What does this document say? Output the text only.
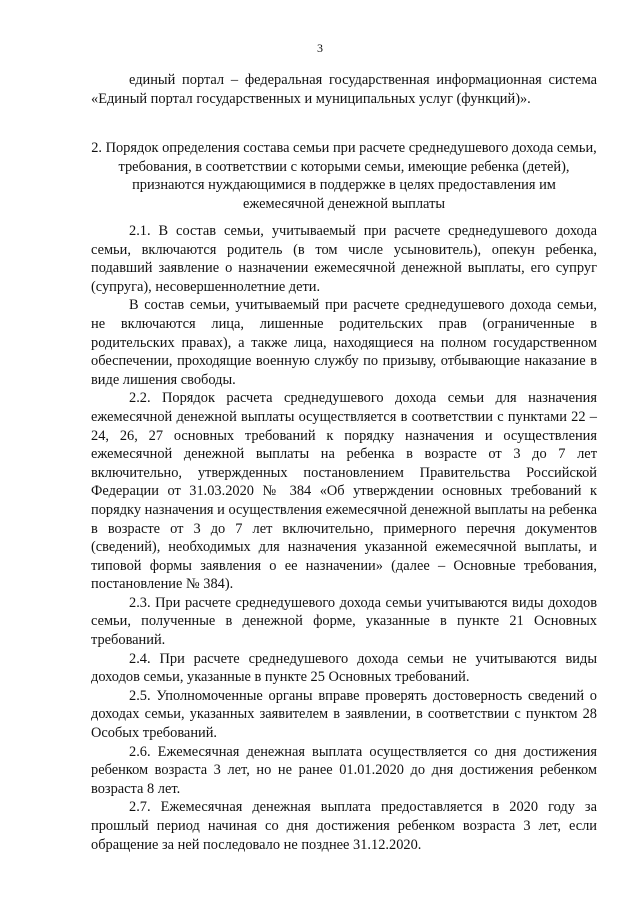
3

единый портал – федеральная государственная информационная система «Единый портал государственных и муниципальных услуг (функций)».

2. Порядок определения состава семьи при расчете среднедушевого дохода семьи, требования, в соответствии с которыми семьи, имеющие ребенка (детей), признаются нуждающимися в поддержке в целях предоставления им ежемесячной денежной выплаты

2.1. В состав семьи, учитываемый при расчете среднедушевого дохода семьи, включаются родитель (в том числе усыновитель), опекун ребенка, подавший заявление о назначении ежемесячной денежной выплаты, его супруг (супруга), несовершеннолетние дети.

В состав семьи, учитываемый при расчете среднедушевого дохода семьи, не включаются лица, лишенные родительских прав (ограниченные в родительских правах), а также лица, находящиеся на полном государственном обеспечении, проходящие военную службу по призыву, отбывающие наказание в виде лишения свободы.

2.2. Порядок расчета среднедушевого дохода семьи для назначения ежемесячной денежной выплаты осуществляется в соответствии с пунктами 22 – 24, 26, 27 основных требований к порядку назначения и осуществления ежемесячной денежной выплаты на ребенка в возрасте от 3 до 7 лет включительно, утвержденных постановлением Правительства Российской Федерации от 31.03.2020 № 384 «Об утверждении основных требований к порядку назначения и осуществления ежемесячной денежной выплаты на ребенка в возрасте от 3 до 7 лет включительно, примерного перечня документов (сведений), необходимых для назначения указанной ежемесячной выплаты, и типовой формы заявления о ее назначении» (далее – Основные требования, постановление № 384).

2.3. При расчете среднедушевого дохода семьи учитываются виды доходов семьи, полученные в денежной форме, указанные в пункте 21 Основных требований.

2.4. При расчете среднедушевого дохода семьи не учитываются виды доходов семьи, указанные в пункте 25 Основных требований.

2.5. Уполномоченные органы вправе проверять достоверность сведений о доходах семьи, указанных заявителем в заявлении, в соответствии с пунктом 28 Особых требований.

2.6. Ежемесячная денежная выплата осуществляется со дня достижения ребенком возраста 3 лет, но не ранее 01.01.2020 до дня достижения ребенком возраста 8 лет.

2.7. Ежемесячная денежная выплата предоставляется в 2020 году за прошлый период начиная со дня достижения ребенком возраста 3 лет, если обращение за ней последовало не позднее 31.12.2020.
